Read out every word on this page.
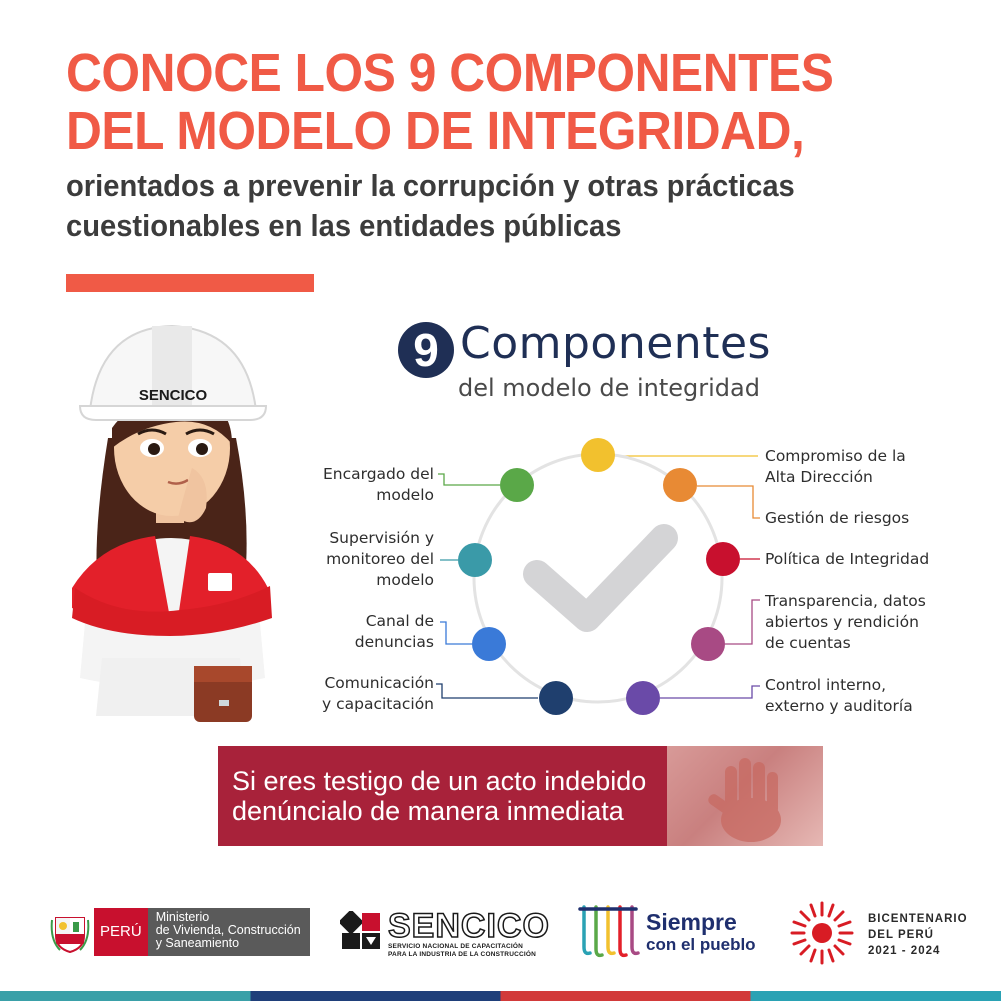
CONOCE LOS 9 COMPONENTES
DEL MODELO DE INTEGRIDAD,
orientados a prevenir la corrupción y otras prácticas
cuestionables en las entidades públicas
SENCICO
9 Componentes
del modelo de integridad
Compromiso de la
Alta Dirección
Gestión de riesgos
Política de Integridad
Transparencia, datos
abiertos y rendición
de cuentas
Control interno,
externo y auditoría
Encargado del
modelo
Supervisión y
monitoreo del
modelo
Canal de
denuncias
Comunicación
y capacitación
Si eres testigo de un acto indebido
denúncialo de manera inmediata
PERÚ
Ministerio
de Vivienda, Construcción
y Saneamiento	SENCICO
SERVICIO NACIONAL DE CAPACITACIÓN
PARA LA INDUSTRIA DE LA CONSTRUCCIÓN
Siempre
con el pueblo
BICENTENARIO
DEL PERÚ
2021 - 2024
